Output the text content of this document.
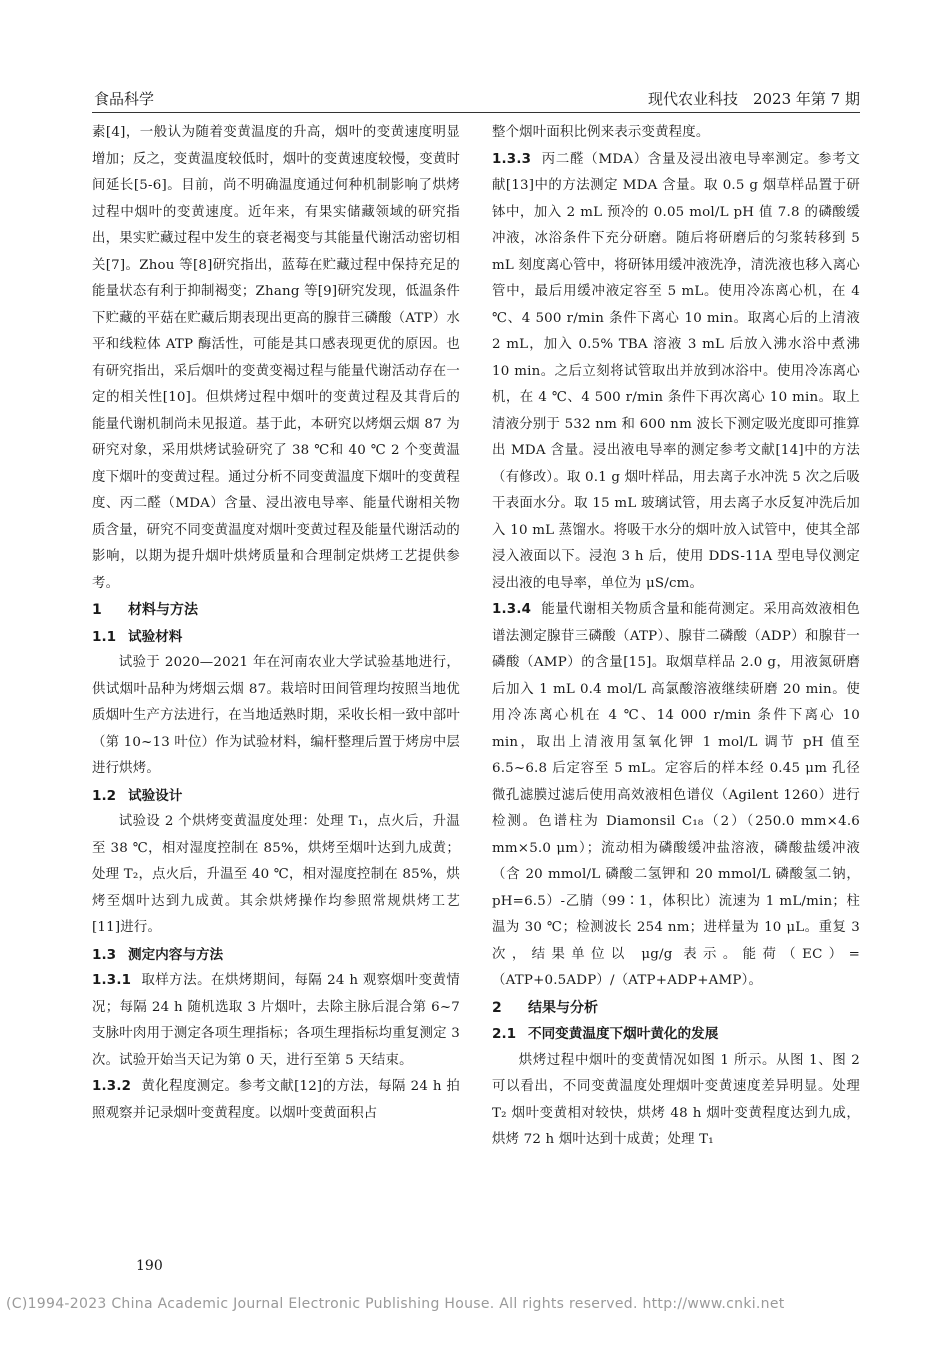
食品科学	现代农业科技　2023 年第 7 期

素[4]，一般认为随着变黄温度的升高，烟叶的变黄速度明显增加；反之，变黄温度较低时，烟叶的变黄速度较慢，变黄时间延长[5-6]。目前，尚不明确温度通过何种机制影响了烘烤过程中烟叶的变黄速度。近年来，有果实储藏领域的研究指出，果实贮藏过程中发生的衰老褐变与其能量代谢活动密切相关[7]。Zhou 等[8]研究指出，蓝莓在贮藏过程中保持充足的能量状态有利于抑制褐变；Zhang 等[9]研究发现，低温条件下贮藏的平菇在贮藏后期表现出更高的腺苷三磷酸（ATP）水平和线粒体 ATP 酶活性，可能是其口感表现更优的原因。也有研究指出，采后烟叶的变黄变褐过程与能量代谢活动存在一定的相关性[10]。但烘烤过程中烟叶的变黄过程及其背后的能量代谢机制尚未见报道。基于此，本研究以烤烟云烟 87 为研究对象，采用烘烤试验研究了 38 ℃和 40 ℃ 2 个变黄温度下烟叶的变黄过程。通过分析不同变黄温度下烟叶的变黄程度、丙二醛（MDA）含量、浸出液电导率、能量代谢相关物质含量，研究不同变黄温度对烟叶变黄过程及能量代谢活动的影响，以期为提升烟叶烘烤质量和合理制定烘烤工艺提供参考。

1 材料与方法
1.1 试验材料

试验于 2020—2021 年在河南农业大学试验基地进行，供试烟叶品种为烤烟云烟 87。栽培时田间管理均按照当地优质烟叶生产方法进行，在当地适熟时期，采收长相一致中部叶（第 10~13 叶位）作为试验材料，编杆整理后置于烤房中层进行烘烤。

1.2 试验设计

试验设 2 个烘烤变黄温度处理：处理 T₁，点火后，升温至 38 ℃，相对湿度控制在 85%，烘烤至烟叶达到九成黄；处理 T₂，点火后，升温至 40 ℃，相对湿度控制在 85%，烘烤至烟叶达到九成黄。其余烘烤操作均参照常规烘烤工艺[11]进行。

1.3 测定内容与方法

1.3.1 取样方法。在烘烤期间，每隔 24 h 观察烟叶变黄情况；每隔 24 h 随机选取 3 片烟叶，去除主脉后混合第 6~7 支脉叶肉用于测定各项生理指标；各项生理指标均重复测定 3 次。试验开始当天记为第 0 天，进行至第 5 天结束。

1.3.2 黄化程度测定。参考文献[12]的方法，每隔 24 h 拍照观察并记录烟叶变黄程度。以烟叶变黄面积占

整个烟叶面积比例来表示变黄程度。

1.3.3 丙二醛（MDA）含量及浸出液电导率测定。参考文献[13]中的方法测定 MDA 含量。取 0.5 g 烟草样品置于研钵中，加入 2 mL 预冷的 0.05 mol/L pH 值 7.8 的磷酸缓冲液，冰浴条件下充分研磨。随后将研磨后的匀浆转移到 5 mL 刻度离心管中，将研钵用缓冲液洗净，清洗液也移入离心管中，最后用缓冲液定容至 5 mL。使用冷冻离心机，在 4 ℃、4 500 r/min 条件下离心 10 min。取离心后的上清液 2 mL，加入 0.5% TBA 溶液 3 mL 后放入沸水浴中煮沸 10 min。之后立刻将试管取出并放到冰浴中。使用冷冻离心机，在 4 ℃、4 500 r/min 条件下再次离心 10 min。取上清液分别于 532 nm 和 600 nm 波长下测定吸光度即可推算出 MDA 含量。浸出液电导率的测定参考文献[14]中的方法（有修改）。取 0.1 g 烟叶样品，用去离子水冲洗 5 次之后吸干表面水分。取 15 mL 玻璃试管，用去离子水反复冲洗后加入 10 mL 蒸馏水。将吸干水分的烟叶放入试管中，使其全部浸入液面以下。浸泡 3 h 后，使用 DDS-11A 型电导仪测定浸出液的电导率，单位为 μS/cm。

1.3.4 能量代谢相关物质含量和能荷测定。采用高效液相色谱法测定腺苷三磷酸（ATP）、腺苷二磷酸（ADP）和腺苷一磷酸（AMP）的含量[15]。取烟草样品 2.0 g，用液氮研磨后加入 1 mL 0.4 mol/L 高氯酸溶液继续研磨 20 min。使用冷冻离心机在 4 ℃、14 000 r/min 条件下离心 10 min，取出上清液用氢氧化钾 1 mol/L 调节 pH 值至 6.5~6.8 后定容至 5 mL。定容后的样本经 0.45 μm 孔径微孔滤膜过滤后使用高效液相色谱仪（Agilent 1260）进行检测。色谱柱为 Diamonsil C₁₈（2）（250.0 mm×4.6 mm×5.0 μm）；流动相为磷酸缓冲盐溶液，磷酸盐缓冲液（含 20 mmol/L 磷酸二氢钾和 20 mmol/L 磷酸氢二钠，pH=6.5）-乙腈（99∶1，体积比）流速为 1 mL/min；柱温为 30 ℃；检测波长 254 nm；进样量为 10 μL。重复 3 次，结果单位以 μg/g 表示。能荷（EC）=（ATP+0.5ADP）/（ATP+ADP+AMP）。

2 结果与分析
2.1 不同变黄温度下烟叶黄化的发展

烘烤过程中烟叶的变黄情况如图 1 所示。从图 1、图 2 可以看出，不同变黄温度处理烟叶变黄速度差异明显。处理 T₂ 烟叶变黄相对较快，烘烤 48 h 烟叶变黄程度达到九成，烘烤 72 h 烟叶达到十成黄；处理 T₁

190
(C)1994-2023 China Academic Journal Electronic Publishing House. All rights reserved. http://www.cnki.net
